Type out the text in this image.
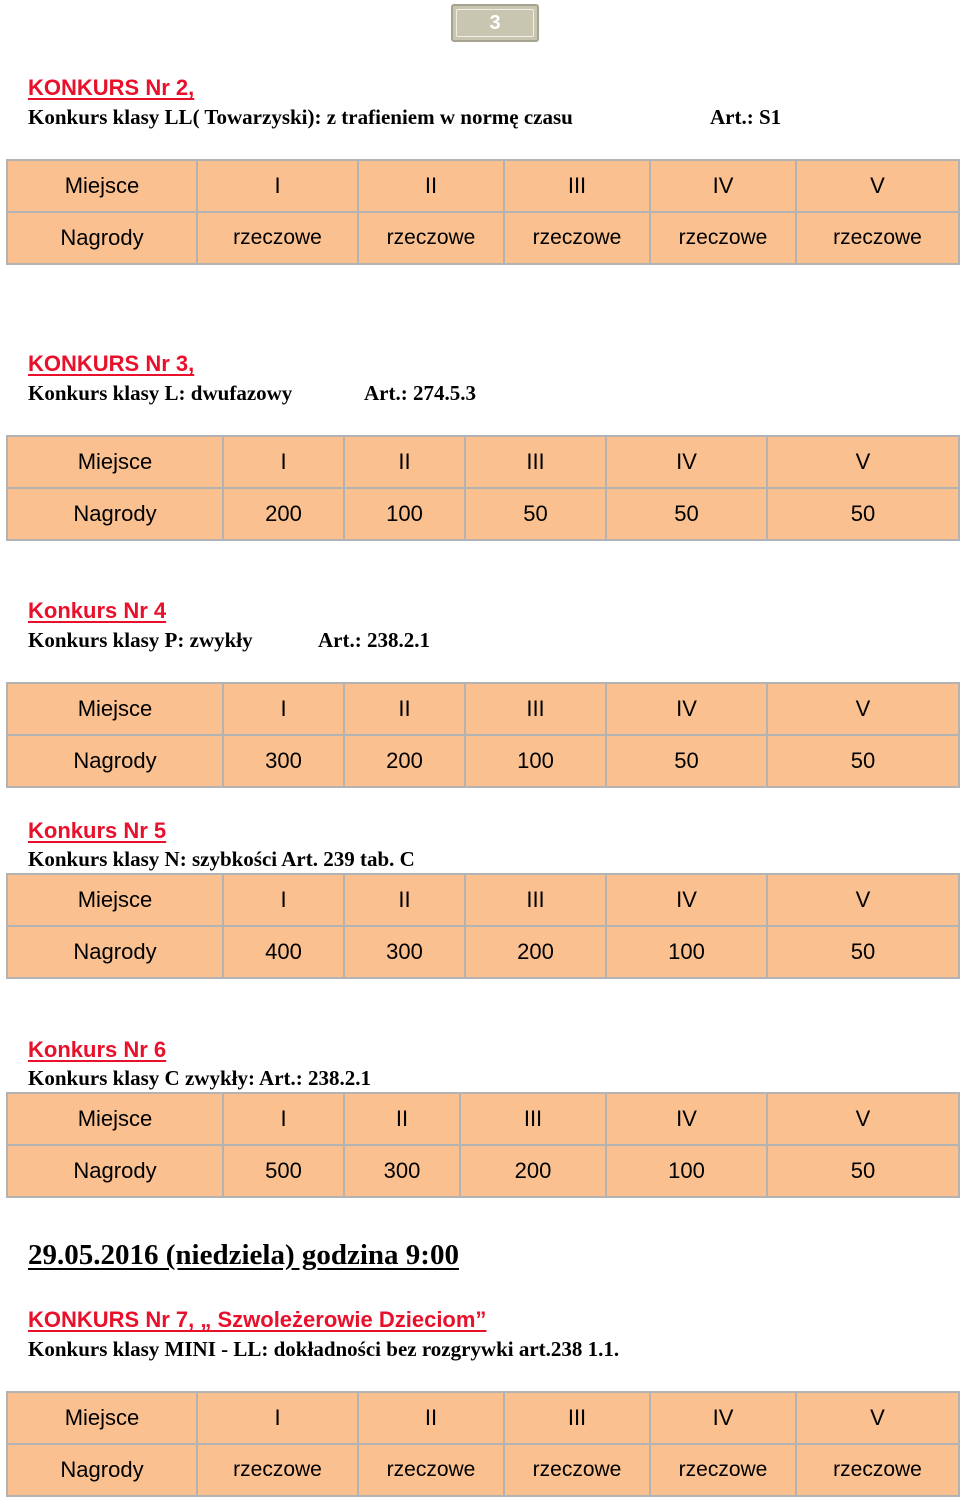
3
KONKURS Nr 2,
Konkurs klasy LL( Towarzyski): z trafieniem w normę czasu	Art.: S1
Miejsce	I	II	III	IV	V
Nagrody	rzeczowe	rzeczowe	rzeczowe	rzeczowe	rzeczowe
KONKURS Nr 3,
Konkurs klasy L: dwufazowy	Art.: 274.5.3
Miejsce	I	II	III	IV	V
Nagrody	200	100	50	50	50
Konkurs Nr 4
Konkurs klasy P: zwykły	Art.: 238.2.1
Miejsce	I	II	III	IV	V
Nagrody	300	200	100	50	50
Konkurs Nr 5
Konkurs klasy N: szybkości Art. 239 tab. C
Miejsce	I	II	III	IV	V
Nagrody	400	300	200	100	50
Konkurs Nr 6
Konkurs klasy C zwykły: Art.: 238.2.1
Miejsce	I	II	III	IV	V
Nagrody	500	300	200	100	50
29.05.2016 (niedziela) godzina 9:00
KONKURS Nr 7, „ Szwoleżerowie Dzieciom”
Konkurs klasy MINI - LL: dokładności bez rozgrywki art.238 1.1.
Miejsce	I	II	III	IV	V
Nagrody	rzeczowe	rzeczowe	rzeczowe	rzeczowe	rzeczowe
